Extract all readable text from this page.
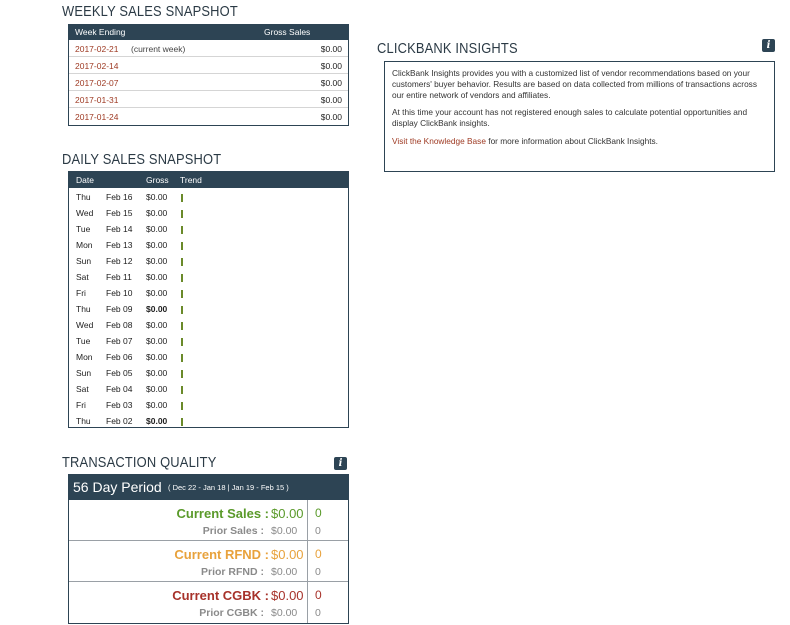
WEEKLY SALES SNAPSHOT
Week Ending	Gross Sales
2017-02-21 (current week)	$0.00
2017-02-14	$0.00
2017-02-07	$0.00
2017-01-31	$0.00
2017-01-24	$0.00
DAILY SALES SNAPSHOT
Date	Gross Trend
Thu Feb 16 $0.00
Wed Feb 15 $0.00
Tue Feb 14 $0.00
Mon Feb 13 $0.00
Sun Feb 12 $0.00
Sat Feb 11 $0.00
Fri Feb 10 $0.00
Thu Feb 09 $0.00
Wed Feb 08 $0.00
Tue Feb 07 $0.00
Mon Feb 06 $0.00
Sun Feb 05 $0.00
Sat Feb 04 $0.00
Fri Feb 03 $0.00
Thu Feb 02 $0.00
TRANSACTION QUALITY	i
56 Day Period ( Dec 22 - Jan 18 | Jan 19 - Feb 15 )
Current Sales : $0.00
Prior Sales : $0.00
0
0
Current RFND : $0.00
Prior RFND : $0.00
0
0
Current CGBK : $0.00
Prior CGBK : $0.00
0
0
CLICKBANK INSIGHTS	i

ClickBank Insights provides you with a customized list of vendor recommendations based on your customers' buyer behavior. Results are based on data collected from millions of transactions across our entire network of vendors and affiliates.

At this time your account has not registered enough sales to calculate potential opportunities and display ClickBank insights.

Visit the Knowledge Base for more information about ClickBank Insights.
